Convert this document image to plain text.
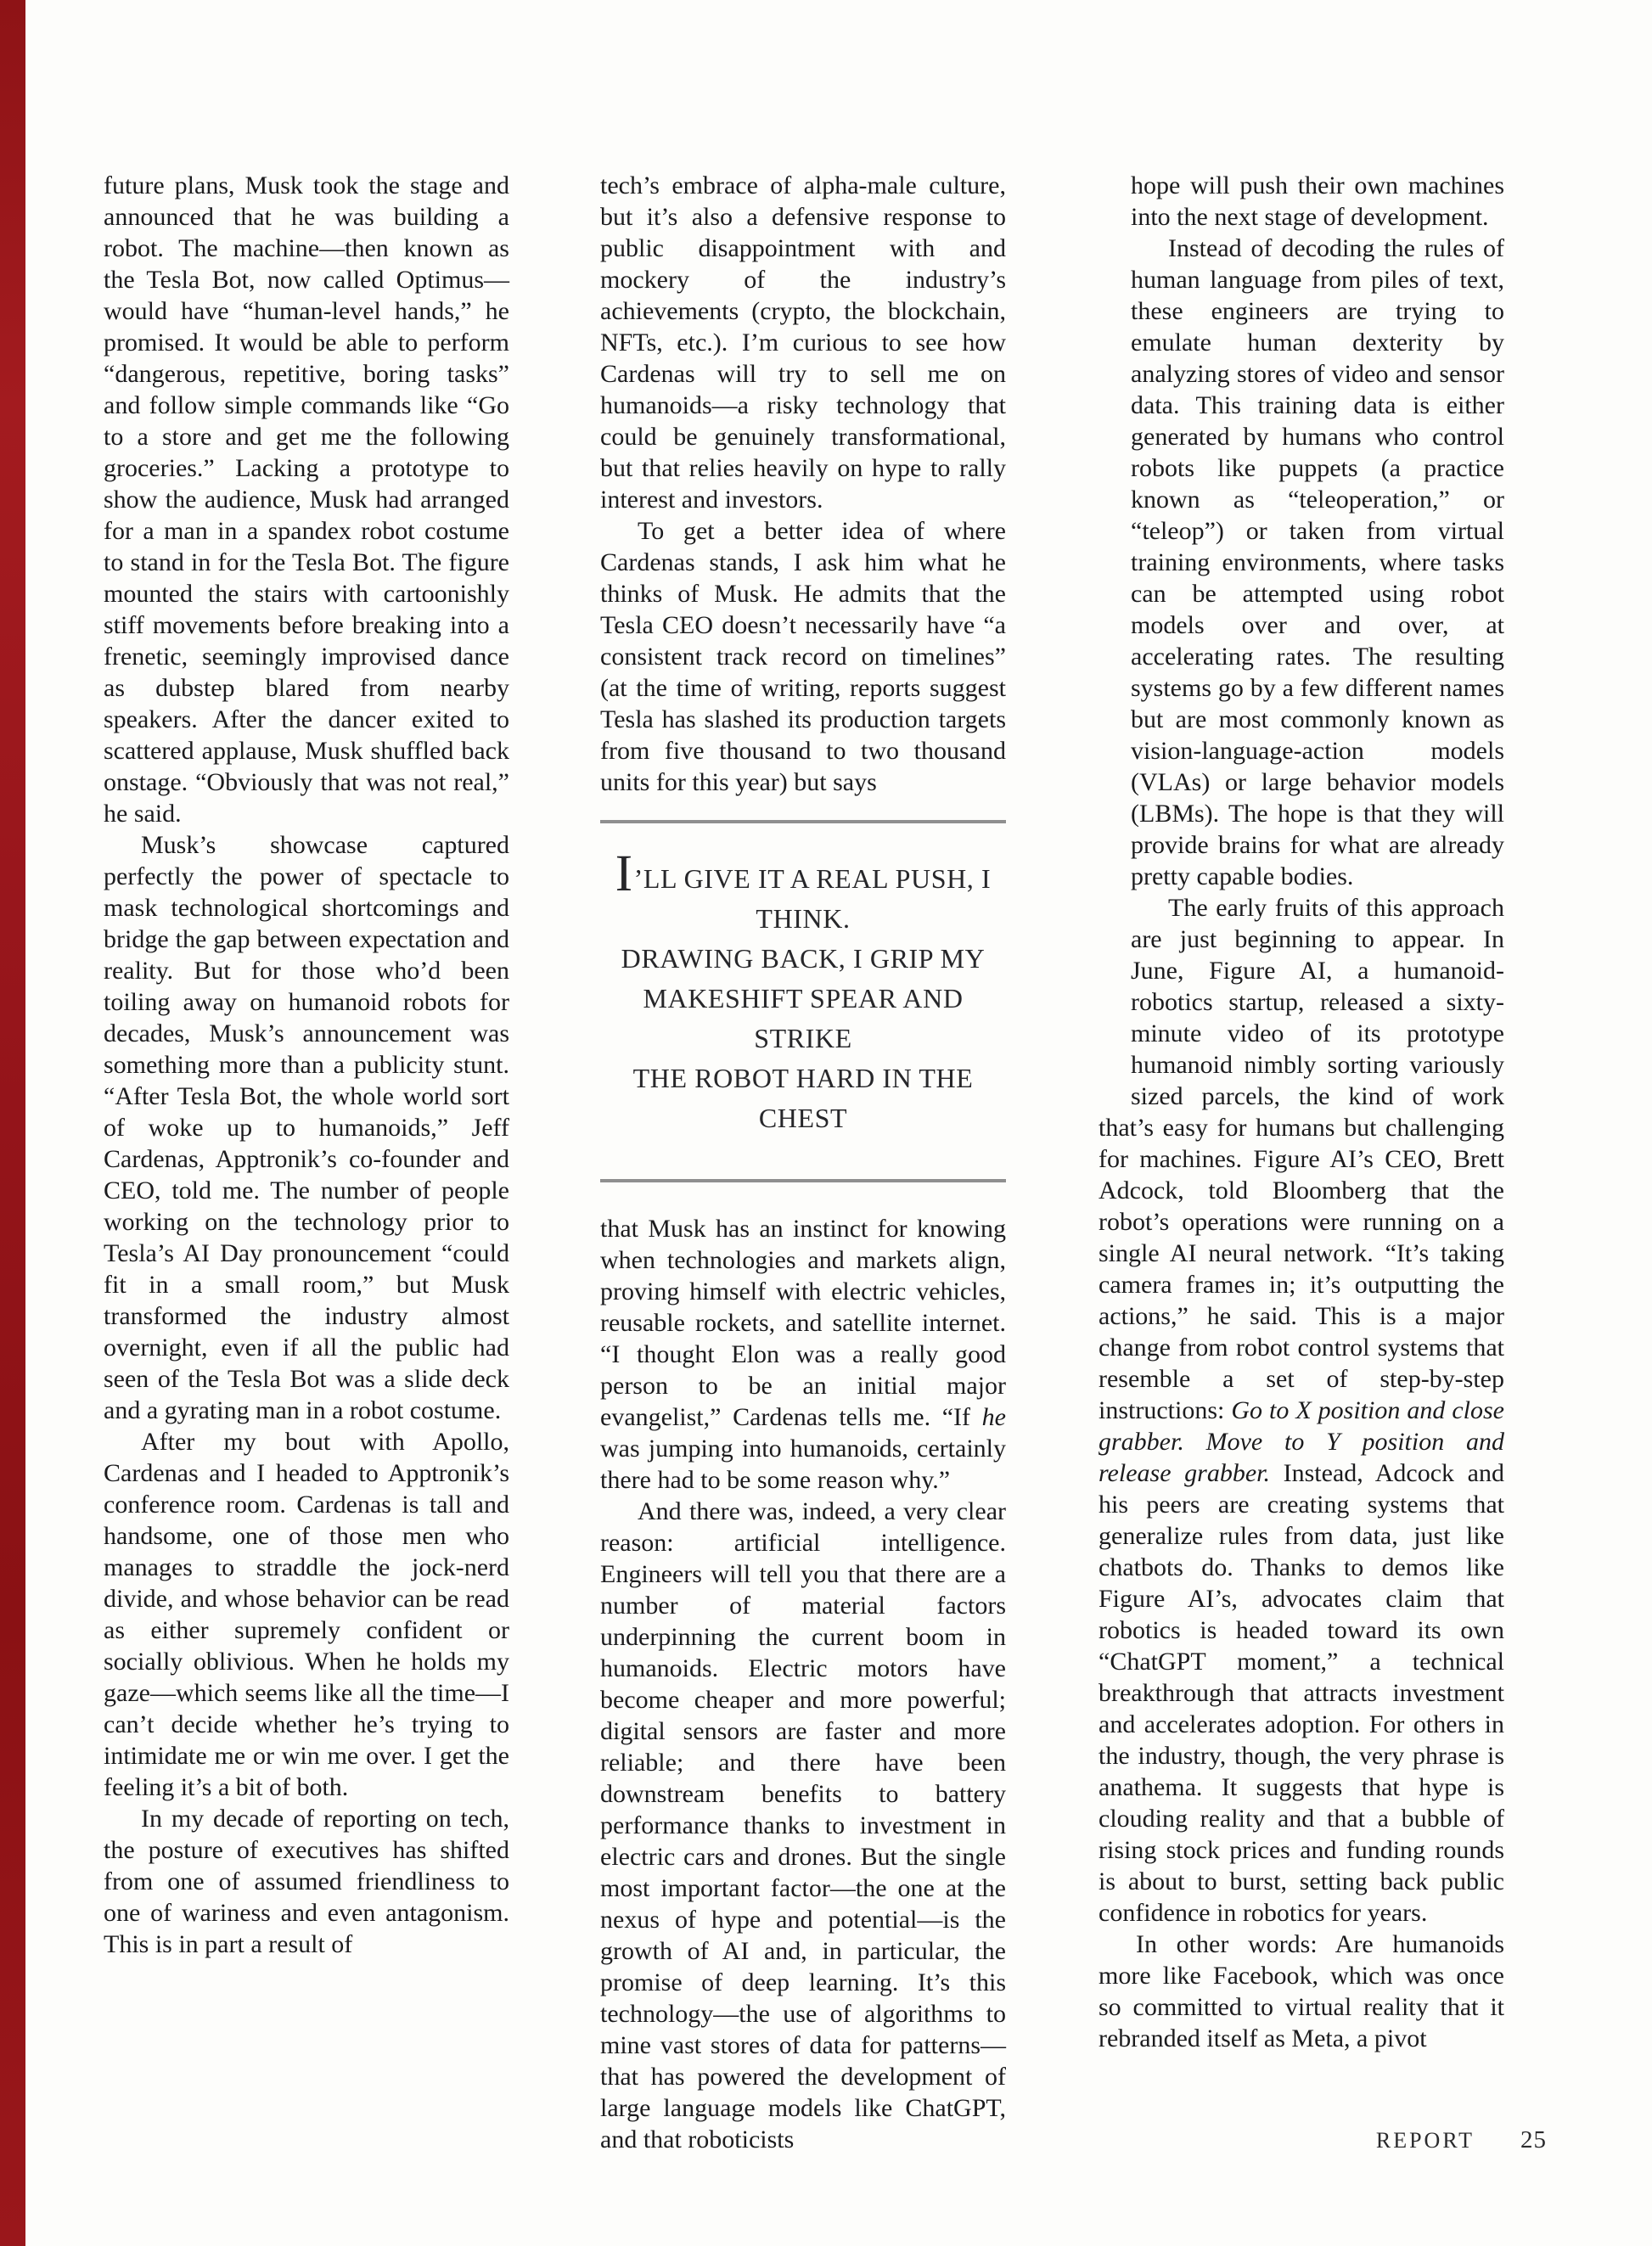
future plans, Musk took the stage and announced that he was building a robot. The machine—then known as the Tesla Bot, now called Optimus—would have “human-level hands,” he promised. It would be able to perform “dangerous, repetitive, boring tasks” and follow simple commands like “Go to a store and get me the following groceries.” Lacking a prototype to show the audience, Musk had arranged for a man in a spandex robot costume to stand in for the Tesla Bot. The figure mounted the stairs with cartoonishly stiff movements before breaking into a frenetic, seemingly improvised dance as dubstep blared from nearby speakers. After the dancer exited to scattered applause, Musk shuffled back onstage. “Obviously that was not real,” he said.

Musk’s showcase captured perfectly the power of spectacle to mask technological shortcomings and bridge the gap between expectation and reality. But for those who’d been toiling away on humanoid robots for decades, Musk’s announcement was something more than a publicity stunt. “After Tesla Bot, the whole world sort of woke up to humanoids,” Jeff Cardenas, Apptronik’s co-founder and CEO, told me. The number of people working on the technology prior to Tesla’s AI Day pronouncement “could fit in a small room,” but Musk transformed the industry almost overnight, even if all the public had seen of the Tesla Bot was a slide deck and a gyrating man in a robot costume.

After my bout with Apollo, Cardenas and I headed to Apptronik’s conference room. Cardenas is tall and handsome, one of those men who manages to straddle the jock-nerd divide, and whose behavior can be read as either supremely confident or socially oblivious. When he holds my gaze—which seems like all the time—I can’t decide whether he’s trying to intimidate me or win me over. I get the feeling it’s a bit of both.

In my decade of reporting on tech, the posture of executives has shifted from one of assumed friendliness to one of wariness and even antagonism. This is in part a result of

tech’s embrace of alpha-male culture, but it’s also a defensive response to public disappointment with and mockery of the industry’s achievements (crypto, the blockchain, NFTs, etc.). I’m curious to see how Cardenas will try to sell me on humanoids—a risky technology that could be genuinely transformational, but that relies heavily on hype to rally interest and investors.

To get a better idea of where Cardenas stands, I ask him what he thinks of Musk. He admits that the Tesla CEO doesn’t necessarily have “a consistent track record on timelines” (at the time of writing, reports suggest Tesla has slashed its production targets from five thousand to two thousand units for this year) but says

I’LL GIVE IT A REAL PUSH, I THINK.
DRAWING BACK, I GRIP MY
MAKESHIFT SPEAR AND STRIKE
THE ROBOT HARD IN THE CHEST

that Musk has an instinct for knowing when technologies and markets align, proving himself with electric vehicles, reusable rockets, and satellite internet. “I thought Elon was a really good person to be an initial major evangelist,” Cardenas tells me. “If he was jumping into humanoids, certainly there had to be some reason why.”

And there was, indeed, a very clear reason: artificial intelligence. Engineers will tell you that there are a number of material factors underpinning the current boom in humanoids. Electric motors have become cheaper and more powerful; digital sensors are faster and more reliable; and there have been downstream benefits to battery performance thanks to investment in electric cars and drones. But the single most important factor—the one at the nexus of hype and potential—is the growth of AI and, in particular, the promise of deep learning. It’s this technology—the use of algorithms to mine vast stores of data for patterns—that has powered the development of large language models like ChatGPT, and that roboticists

hope will push their own machines into the next stage of development.

Instead of decoding the rules of human language from piles of text, these engineers are trying to emulate human dexterity by analyzing stores of video and sensor data. This training data is either generated by humans who control robots like puppets (a practice known as “teleoperation,” or “teleop”) or taken from virtual training environments, where tasks can be attempted using robot models over and over, at accelerating rates. The resulting systems go by a few different names but are most commonly known as vision-language-action models (VLAs) or large behavior models (LBMs). The hope is that they will provide brains for what are already pretty capable bodies.

The early fruits of this approach are just beginning to appear. In June, Figure AI, a humanoid-robotics startup, released a sixty-minute video of its prototype humanoid nimbly sorting variously sized parcels, the kind of work that’s easy for humans but challenging for machines. Figure AI’s CEO, Brett Adcock, told Bloomberg that the robot’s operations were running on a single AI neural network. “It’s taking camera frames in; it’s outputting the actions,” he said. This is a major change from robot control systems that resemble a set of step-by-step instructions: Go to X position and close grabber. Move to Y position and release grabber. Instead, Adcock and his peers are creating systems that generalize rules from data, just like chatbots do. Thanks to demos like Figure AI’s, advocates claim that robotics is headed toward its own “ChatGPT moment,” a technical breakthrough that attracts investment and accelerates adoption. For others in the industry, though, the very phrase is anathema. It suggests that hype is clouding reality and that a bubble of rising stock prices and funding rounds is about to burst, setting back public confidence in robotics for years.

In other words: Are humanoids more like Facebook, which was once so committed to virtual reality that it rebranded itself as Meta, a pivot

REPORT 25
